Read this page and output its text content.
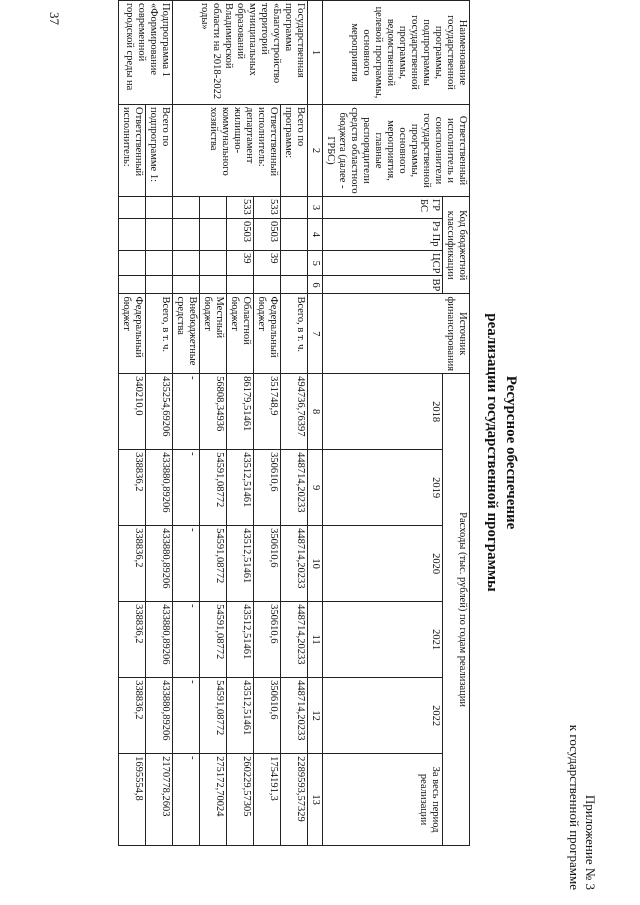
37
Приложение № 3
к государственной программе
Ресурсное обеспечение
реализации государственной программы
Наименование государственной программы, подпрограммы государственной программы, ведомственной целевой программы, основного мероприятия	Ответственный исполнитель и соисполнители государственной программы, основного мероприятия, главные распорядители средств областного бюджета (далее - ГРБС)	Код бюджетной классификации				Источник финансирования	Расходы (тыс. рублей) по годам реализации					
		ГР БС	Рз Пр	ЦСР	ВР		2018	2019	2020	2021	2022	За весь период реализации

1	2	3	4	5	6	7	8	9	10	11	12	13
Государственная программа «Благоустройство территорий муниципальных образований Владимирской области на 2018-2022 годы»	Всего по программе:					Всего, в т. ч.	494736,76397	448714,20233	448714,20233	448714,20233	448714,20233	2289593,57329
	Ответственный исполнитель: департамент жилищно-коммунального хозяйства	533	0503	39		Федеральный бюджет	351748,9	350610,6	350610,6	350610,6	350610,6	1754191,3
		533	0503	39		Областной бюджет	86179,51461	43512,51461	43512,51461	43512,51461	43512,51461	260229,57305
						Местный бюджет	56808,34936	54591,08772	54591,08772	54591,08772	54591,08772	275172,70024
						Внебюджетные средства	-	-	-	-	-	-
Подпрограмма 1 «Формирование современной городской среды на	Всего по подпрограмме 1:					Всего, в т. ч.	435254,69206	433880,89206	433880,89206	433880,89206	433880,89206	2170778,2603
	Ответственный исполнитель:					Федеральный бюджет	340210,0	338836,2	338836,2	338836,2	338836,2	1695554,8
